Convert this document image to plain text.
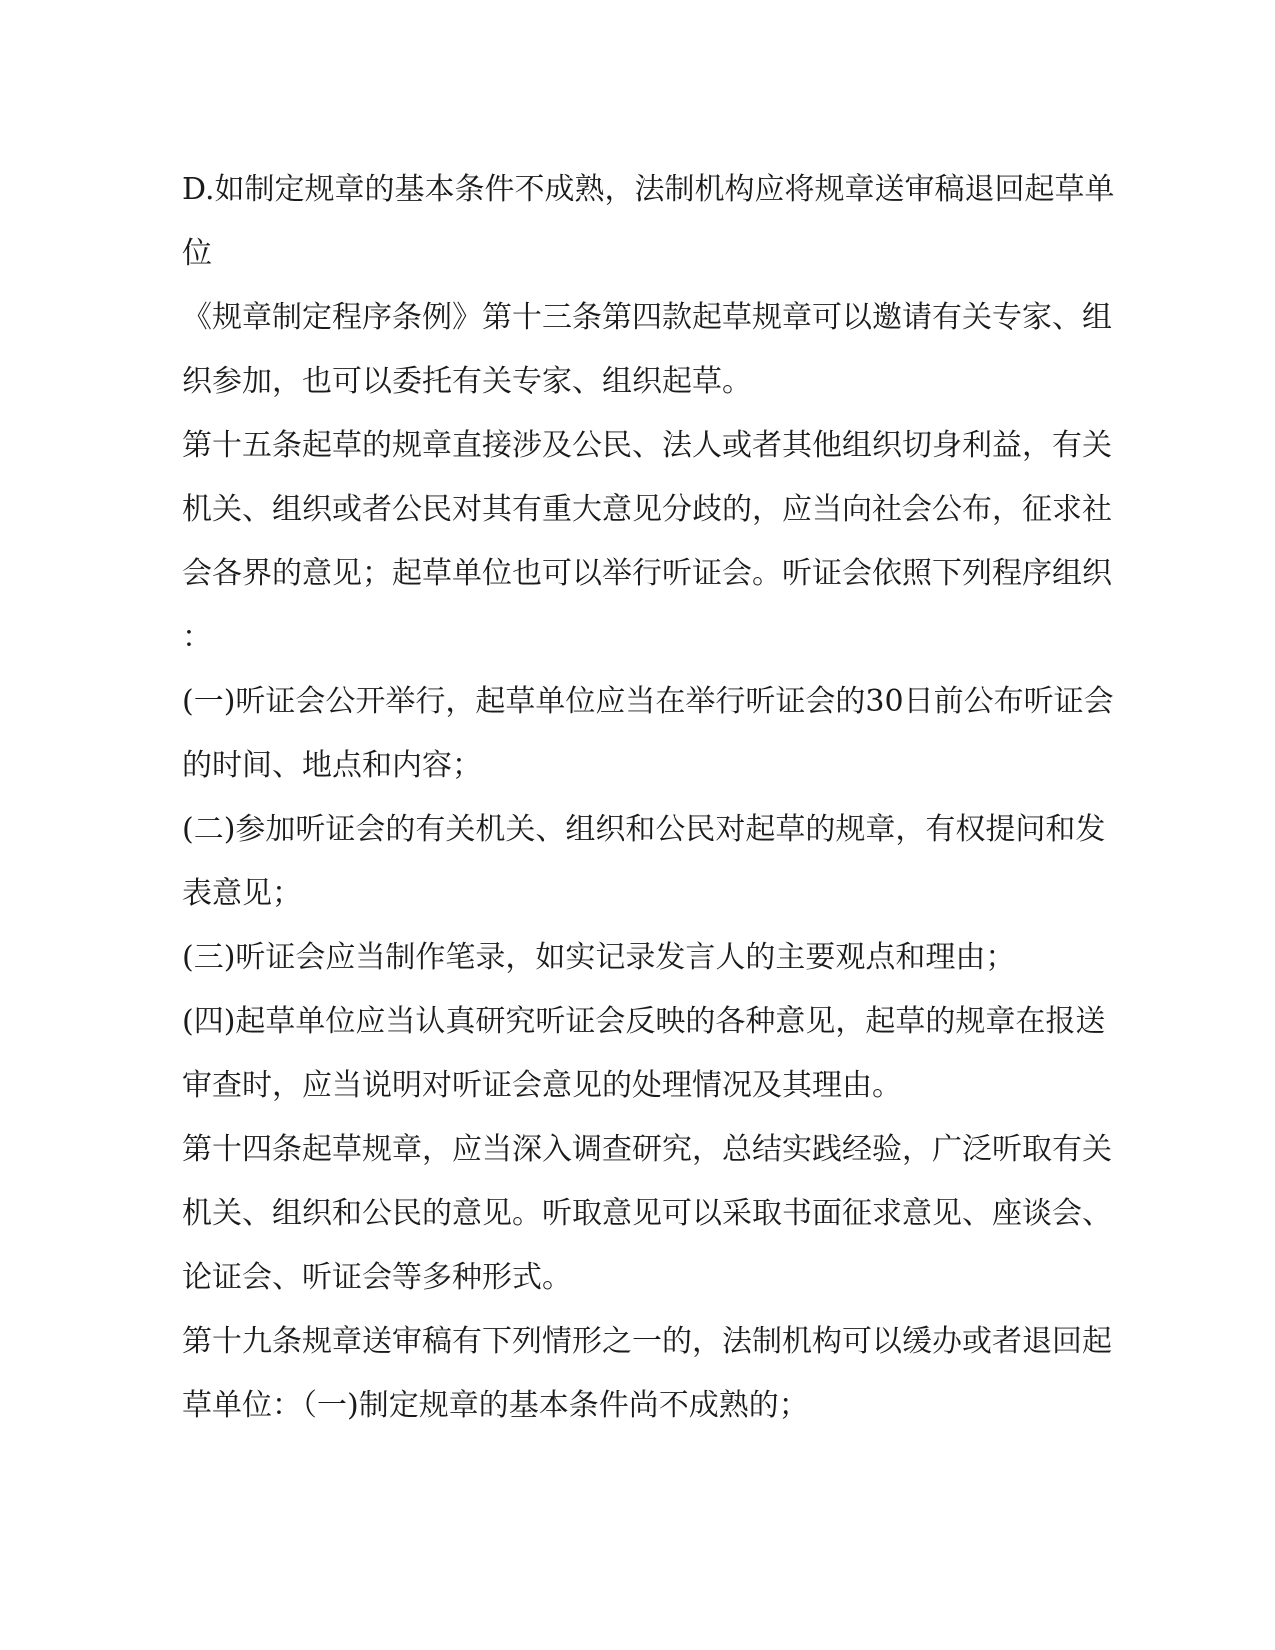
D.如制定规章的基本条件不成熟，法制机构应将规章送审稿退回起草单
位
《规章制定程序条例》第十三条第四款起草规章可以邀请有关专家、组
织参加，也可以委托有关专家、组织起草。
第十五条起草的规章直接涉及公民、法人或者其他组织切身利益，有关
机关、组织或者公民对其有重大意见分歧的，应当向社会公布，征求社
会各界的意见；起草单位也可以举行听证会。听证会依照下列程序组织
：
(一)听证会公开举行，起草单位应当在举行听证会的30日前公布听证会
的时间、地点和内容；
(二)参加听证会的有关机关、组织和公民对起草的规章，有权提问和发
表意见；
(三)听证会应当制作笔录，如实记录发言人的主要观点和理由；
(四)起草单位应当认真研究听证会反映的各种意见，起草的规章在报送
审查时，应当说明对听证会意见的处理情况及其理由。
第十四条起草规章，应当深入调查研究，总结实践经验，广泛听取有关
机关、组织和公民的意见。听取意见可以采取书面征求意见、座谈会、
论证会、听证会等多种形式。
第十九条规章送审稿有下列情形之一的，法制机构可以缓办或者退回起
草单位：（一)制定规章的基本条件尚不成熟的；
